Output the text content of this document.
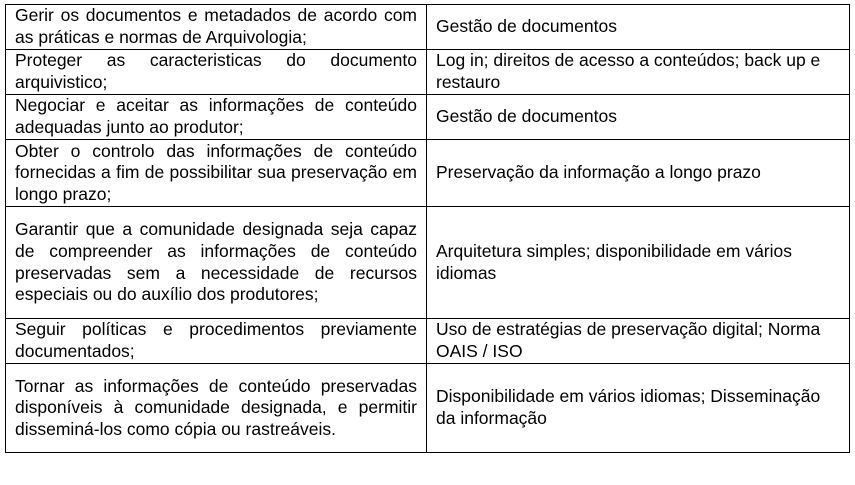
Gerir os documentos e metadados de acordo com as práticas e normas de Arquivologia;	Gestão de documentos
Proteger as caracteristicas do documento arquivistico;	Log in; direitos de acesso a conteúdos; back up e restauro
Negociar e aceitar as informações de conteúdo adequadas junto ao produtor;	Gestão de documentos
Obter o controlo das informações de conteúdo fornecidas a fim de possibilitar sua preservação em longo prazo;	Preservação da informação a longo prazo
Garantir que a comunidade designada seja capaz de compreender as informações de conteúdo preservadas sem a necessidade de recursos especiais ou do auxílio dos produtores;	Arquitetura simples; disponibilidade em vários idiomas
Seguir políticas e procedimentos previamente documentados;	Uso de estratégias de preservação digital; Norma OAIS / ISO
Tornar as informações de conteúdo preservadas disponíveis à comunidade designada, e permitir disseminá-los como cópia ou rastreáveis.	Disponibilidade em vários idiomas; Disseminação da informação
